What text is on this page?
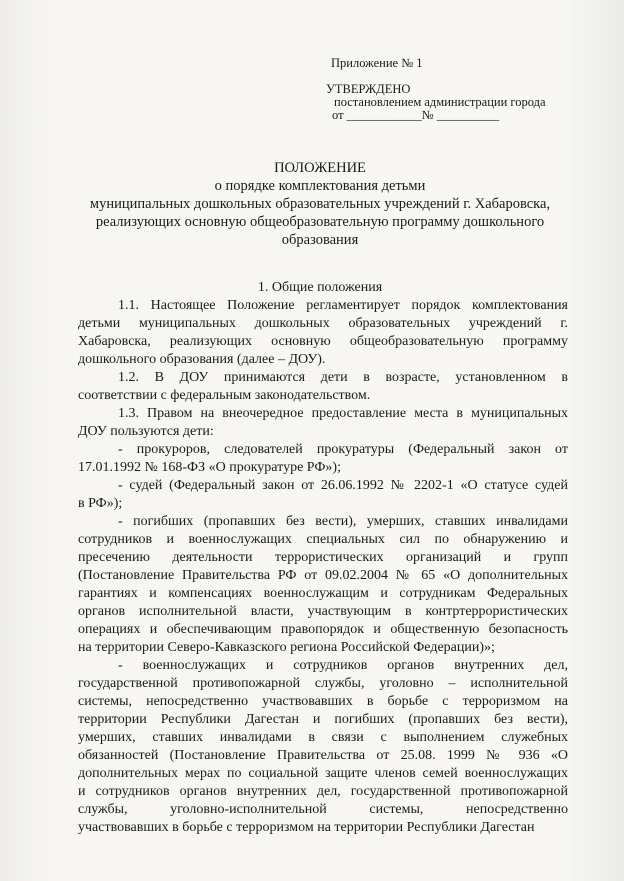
Приложение № 1
УТВЕРЖДЕНО
постановлением администрации города
от ____________№ __________
ПОЛОЖЕНИЕ
о порядке комплектования детьми
муниципальных дошкольных образовательных учреждений г. Хабаровска,
реализующих основную общеобразовательную программу дошкольного
образования
1. Общие положения
1.1. Настоящее Положение регламентирует порядок комплектования
детьми муниципальных дошкольных образовательных учреждений г.
Хабаровска, реализующих основную общеобразовательную программу
дошкольного образования (далее – ДОУ).
1.2. В ДОУ принимаются дети в возрасте, установленном в
соответствии с федеральным законодательством.
1.3. Правом на внеочередное предоставление места в муниципальных
ДОУ пользуются дети:
- прокуроров, следователей прокуратуры (Федеральный закон от
17.01.1992 № 168-ФЗ «О прокуратуре РФ»);
- судей (Федеральный закон от 26.06.1992 № 2202-1 «О статусе судей
в РФ»);
- погибших (пропавших без вести), умерших, ставших инвалидами
сотрудников и военнослужащих специальных сил по обнаружению и
пресечению деятельности террористических организаций и групп
(Постановление Правительства РФ от 09.02.2004 № 65 «О дополнительных
гарантиях и компенсациях военнослужащим и сотрудникам Федеральных
органов исполнительной власти, участвующим в контртеррористических
операциях и обеспечивающим правопорядок и общественную безопасность
на территории Северо-Кавказского региона Российской Федерации)»;
- военнослужащих и сотрудников органов внутренних дел,
государственной противопожарной службы, уголовно – исполнительной
системы, непосредственно участвовавших в борьбе с терроризмом на
территории Республики Дагестан и погибших (пропавших без вести),
умерших, ставших инвалидами в связи с выполнением служебных
обязанностей (Постановление Правительства от 25.08. 1999 № 936 «О
дополнительных мерах по социальной защите членов семей военнослужащих
и сотрудников органов внутренних дел, государственной противопожарной
службы, уголовно-исполнительной системы, непосредственно
участвовавших в борьбе с терроризмом на территории Республики Дагестан
